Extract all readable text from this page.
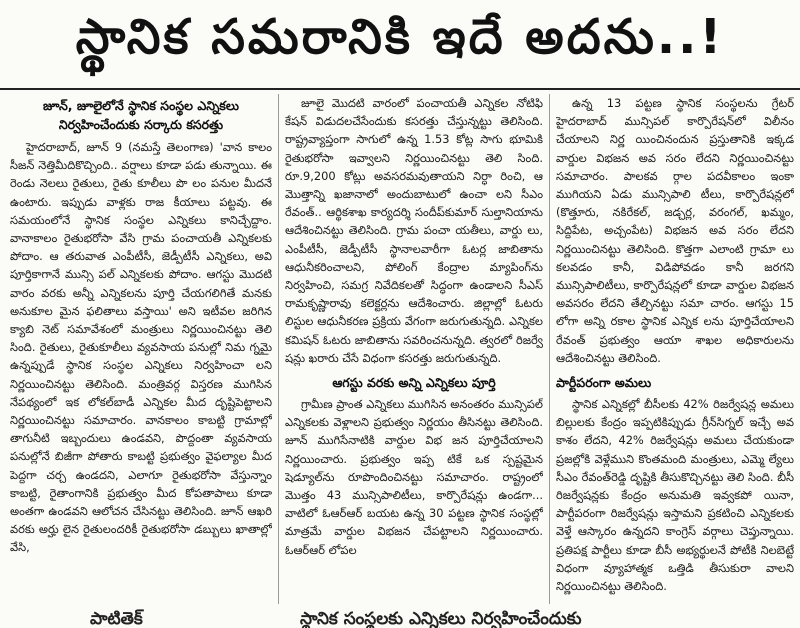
స్థానిక సమరానికి ఇదే అదను..!
జూన్, జూలైలోనే స్థానిక సంస్థల ఎన్నికలు నిర్వహించేందుకు సర్కారు కసరత్తు

హైదరాబాద్, జూన్ 9 (నమస్తే తెలంగాణ) 'వాన కాలం సీజన్ నెత్తిమీదికొచ్చింది.. వర్షాలు కూడా పడు తున్నాయి. ఈ రెండు నెలలు రైతులు, రైతు కూలీలు పొ లం పనుల మీదనే ఉంటారు. ఇప్పుడు వాళ్లకు రాజ కీయాలు పట్టవు. ఈ సమయంలోనే స్థానిక సంస్థల ఎన్నికలు కానిచ్చేద్దాం. వానాకాలం రైతుభరోసా వేసి గ్రామ పంచాయతీ ఎన్నికలకు పోదాం. ఆ తరువాత ఎంపీటీసీ, జెడ్పీటీసీ ఎన్నికలు, అవి పూర్తికాగానే మున్సి పల్ ఎన్నికలకు పోదాం. ఆగస్టు మొదటి వారం వరకు అన్నీ ఎన్నికలను పూర్తి చేయగలిగితే మనకు అనుకూల మైన ఫలితాలు వస్తాయి' అని ఇటీవల జరిగిన క్యాబి నెట్ సమావేశంలో మంత్రులు నిర్ణయించినట్టు తెలి సింది. రైతులు, రైతుకూలీలు వ్యవసాయ పనుల్లో నిమ గ్నమై ఉన్నప్పుడే స్థానిక సంస్థల ఎన్నికలు నిర్వహించా లని నిర్ణయించినట్టు తెలిసింది. మంత్రివర్గ విస్తరణ ముగిసిన నేపథ్యంలో ఇక లోకల్‌బాడీ ఎన్నికల మీద దృష్టిపెట్టాలని నిర్ణయించినట్టు సమాచారం. వానకాలం కాబట్టి గ్రామాల్లో తాగునీటి ఇబ్బందులు ఉండవని, పొద్దంతా వ్యవసాయ పనుల్లోనే బిజీగా పోతారు కాబట్టి ప్రభుత్వం వైఫల్యాల మీద పెద్దగా చర్చ ఉండదని, ఎలాగూ రైతుభరోసా వేస్తున్నాం కాబట్టి, రైతాంగానికి ప్రభుత్వం మీద కోపతాపాలు కూడా అంతగా ఉండవని ఆలోచన చేసినట్టు తెలిసింది. జూన్ ఆఖరి వరకు అర్హు లైన రైతులందరికీ రైతుభరోసా డబ్బులు ఖాతాల్లో వేసి,

జూలై మొదటి వారంలో పంచాయతీ ఎన్నికల నోటిఫి కేషన్ విడుదలచేసేందుకు కసరత్తు చేస్తున్నట్టు తెలిసింది. రాష్ట్రవ్యాప్తంగా సాగులో ఉన్న 1.53 కోట్ల సాగు భూమికి రైతుభరోసా ఇవ్వాలని నిర్ణయించినట్టు తెలి సింది. రూ.9,200 కోట్లు అవసరమవుతాయని నిర్ధా రించి, ఆ మొత్తాన్ని ఖజానాలో అందుబాటులో ఉంచా లని సీఎం రేవంత్.. ఆర్థికశాఖ కార్యదర్శి సందీప్‌కుమార్ సుల్తానియాను ఆదేశించినట్టు తెలిసింది. గ్రామ పంచా యతీలు, వార్డు లు, ఎంపీటీసీ, జెడ్పీటీసీ స్థానాలవారీగా ఓటర్ల జాబితాను ఆధునీకరించాలని, పోలింగ్ కేంద్రాల మ్యాపింగ్‌ను నిర్వహించి, సమగ్ర నివేదికలతో సిద్ధంగా ఉండాలని సీఎస్ రామకృష్ణారావు కలెక్టర్లను ఆదేశించారు. జిల్లాల్లో ఓటరు లిస్టుల ఆధునీకరణ ప్రక్రియ వేగంగా జరుగుతున్నది. ఎన్నికల కమిషన్ ఓటరు జాబితాను సవరించనున్నది. త్వరలో రిజర్వే షన్లు ఖరారు చేసే విధంగా కసరత్తు జరుగుతున్నది.

ఆగస్టు వరకు అన్ని ఎన్నికలు పూర్తి

గ్రామీణ ప్రాంత ఎన్నికలు ముగిసిన అనంతరం మున్సిపల్ ఎన్నికలకు వెళ్లాలని ప్రభుత్వం నిర్ణయం తీసినట్టు తెలిసింది. జూన్ ముగిసేనాటికి వార్డుల విభ జన పూర్తిచేయాలని నిర్ణయించారు. ప్రభుత్వం ఇప్ప టికే ఒక స్పష్టమైన షెడ్యూల్‌ను రూపొందించినట్టు సమాచారం. రాష్ట్రంలో మొత్తం 43 మున్సిపాలిటీలు, కార్పొరేషన్లు ఉండగా... వాటిలో ఓఆర్‌ఆర్ బయట ఉన్న 30 పట్టణ స్థానిక సంస్థల్లో మాత్రమే వార్డుల విభజన చేపట్టాలని నిర్ణయించారు. ఓఆర్‌ఆర్ లోపల

ఉన్న 13 పట్టణ స్థానిక సంస్థలను గ్రేటర్ హైదరాబాద్ మున్సిపల్ కార్పొరేషన్‌లో విలీనం చేయాలని నిర్ణ యించినందున ప్రస్తుతానికి ఇక్కడ వార్డుల విభజన అవ సరం లేదని నిర్ణయించినట్టు సమాచారం. పాలకవ ర్గాల పదవీకాలం ఇంకా ముగియని ఏడు మున్సిపాలి టీలు, కార్పొరేషన్లలో (కొత్తూరు, నకిరేకల్, జడ్చర్ల, వరంగల్, ఖమ్మం, సిద్దిపేట, అచ్చంపేట) విభజన అవ సరం లేదని నిర్ణయించినట్టు తెలిసింది. కొత్తగా ఎలాంటి గ్రామా లు కలవడం కానీ, విడిపోవడం కానీ జరగని మున్సిపాలిటీలు, కార్పొరేషన్లలో కూడా వార్డుల విభజన అవసరం లేదని తేల్చినట్టు సమా చారం. ఆగస్టు 15 లోగా అన్ని రకాల స్థానిక ఎన్నిక లను పూర్తిచేయాలని రేవంత్ ప్రభుత్వం ఆయా శాఖల అధికారులను ఆదేశించినట్టు తెలిసింది.

పార్టీపరంగా అమలు

స్థానిక ఎన్నికల్లో బీసీలకు 42% రిజర్వేషన్ల అమలు బిల్లులకు కేంద్రం ఇప్పటికిప్పుడు గ్రీన్‌సిగ్నల్ ఇచ్చే అవ కాశం లేదని, 42% రిజర్వేషన్లు అమలు చేయకుండా ప్రజల్లోకి వెళ్లేముని కొంతమంది మంత్రులు, ఎమ్మె ల్యేలు సీఎం రేవంత్‌రెడ్డి దృష్టికి తీసుకొచ్చినట్టు తెలి సింది. బీసీ రిజర్వేషన్లకు కేంద్రం అనుమతి ఇవ్వకపో యినా, పార్టీపరంగా రిజర్వేషన్లు ఇస్తామని ప్రకటించి ఎన్నికలకు వెళ్తే ఆస్కారం ఉన్నదని కాంగ్రెస్ వర్గాలు చెప్తున్నాయి. ప్రతిపక్ష పార్టీలు కూడా బీసీ అభ్యర్థులనే పోటీకి నిలబెట్టే విధంగా వ్యూహాత్మక ఒత్తిడి తీసుకురా వాలని నిర్ణయించినట్టు తెలిసింది.

పాటితెక్	స్థానిక సంస్థలకు ఎన్నికలు నిర్వహించేందుకు
